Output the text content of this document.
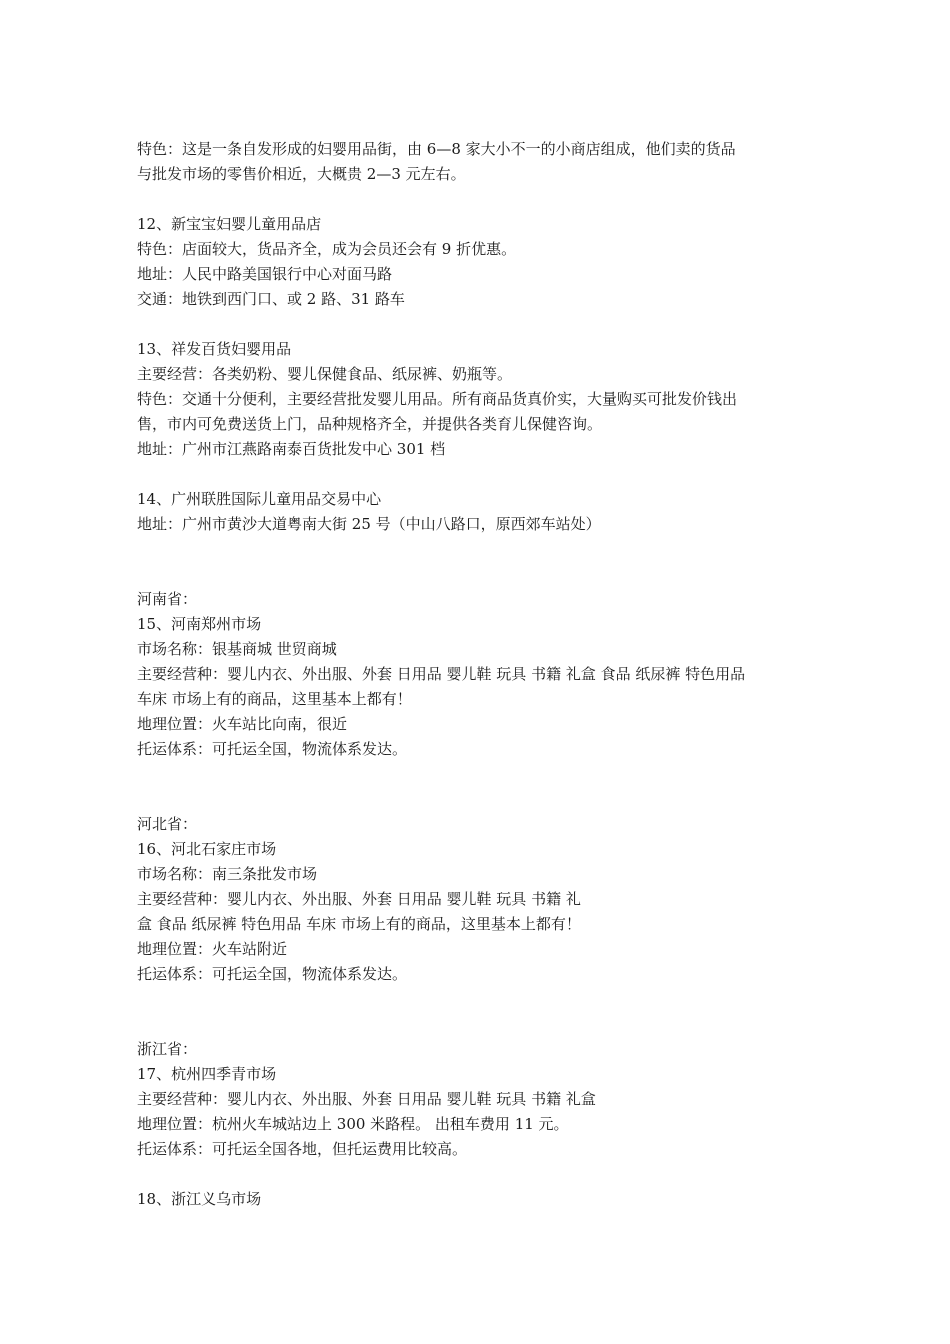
特色：这是一条自发形成的妇婴用品街，由 6—8 家大小不一的小商店组成，他们卖的货品
与批发市场的零售价相近，大概贵 2—3 元左右。
12、新宝宝妇婴儿童用品店
特色：店面较大，货品齐全，成为会员还会有 9 折优惠。
地址：人民中路美国银行中心对面马路
交通：地铁到西门口、或 2 路、31 路车
13、祥发百货妇婴用品
主要经营：各类奶粉、婴儿保健食品、纸尿裤、奶瓶等。
特色：交通十分便利，主要经营批发婴儿用品。所有商品货真价实，大量购买可批发价钱出
售，市内可免费送货上门，品种规格齐全，并提供各类育儿保健咨询。
地址：广州市江燕路南泰百货批发中心 301 档
14、广州联胜国际儿童用品交易中心
地址：广州市黄沙大道粤南大街 25 号（中山八路口，原西郊车站处）
河南省：
15、河南郑州市场
市场名称：银基商城 世贸商城
主要经营种：婴儿内衣、外出服、外套 日用品 婴儿鞋 玩具 书籍 礼盒 食品 纸尿裤 特色用品
车床 市场上有的商品，这里基本上都有！
地理位置：火车站比向南，很近
托运体系：可托运全国，物流体系发达。
河北省：
16、河北石家庄市场
市场名称：南三条批发市场
主要经营种：婴儿内衣、外出服、外套 日用品 婴儿鞋 玩具 书籍 礼
盒 食品 纸尿裤 特色用品 车床 市场上有的商品，这里基本上都有！
地理位置：火车站附近
托运体系：可托运全国，物流体系发达。
浙江省：
17、杭州四季青市场
主要经营种：婴儿内衣、外出服、外套 日用品 婴儿鞋 玩具 书籍 礼盒
地理位置：杭州火车城站边上 300 米路程。 出租车费用 11 元。
托运体系：可托运全国各地，但托运费用比较高。
18、浙江义乌市场
